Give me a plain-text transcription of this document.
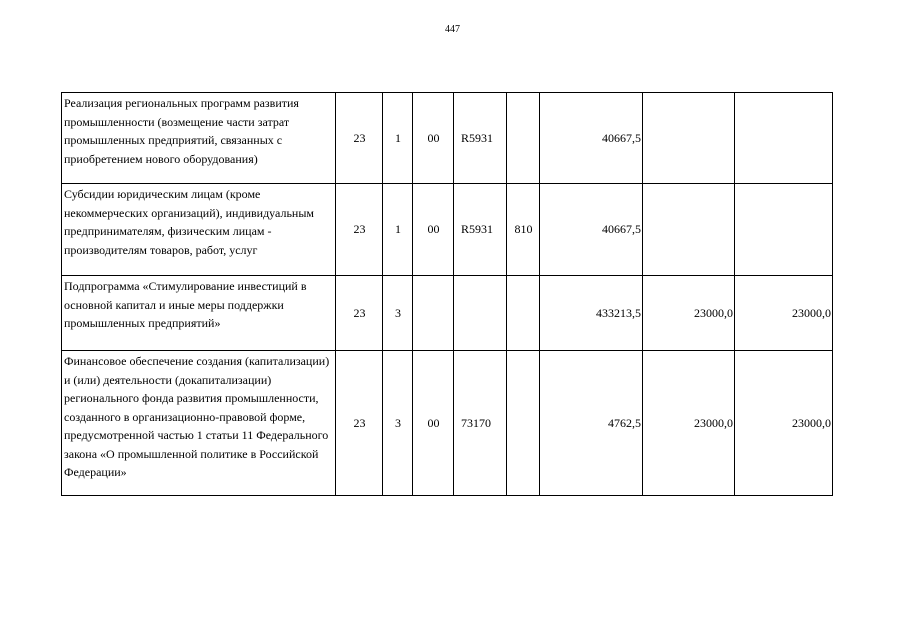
447
Реализация региональных программ развития промышленности (возмещение части затрат промышленных предприятий, связанных с приобретением нового оборудования)	23	1	00	R5931		40667,5		
Субсидии юридическим лицам (кроме некоммерческих организаций), индивидуальным предпринимателям, физическим лицам - производителям товаров, работ, услуг	23	1	00	R5931	810	40667,5		
Подпрограмма «Стимулирование инвестиций в основной капитал и иные меры поддержки промышленных предприятий»	23	3				433213,5	23000,0	23000,0
Финансовое обеспечение создания (капитализации) и (или) деятельности (докапитализации) регионального фонда развития промышленности, созданного в организационно-правовой форме, предусмотренной частью 1 статьи 11 Федерального закона «О промышленной политике в Российской Федерации»	23	3	00	73170		4762,5	23000,0	23000,0
